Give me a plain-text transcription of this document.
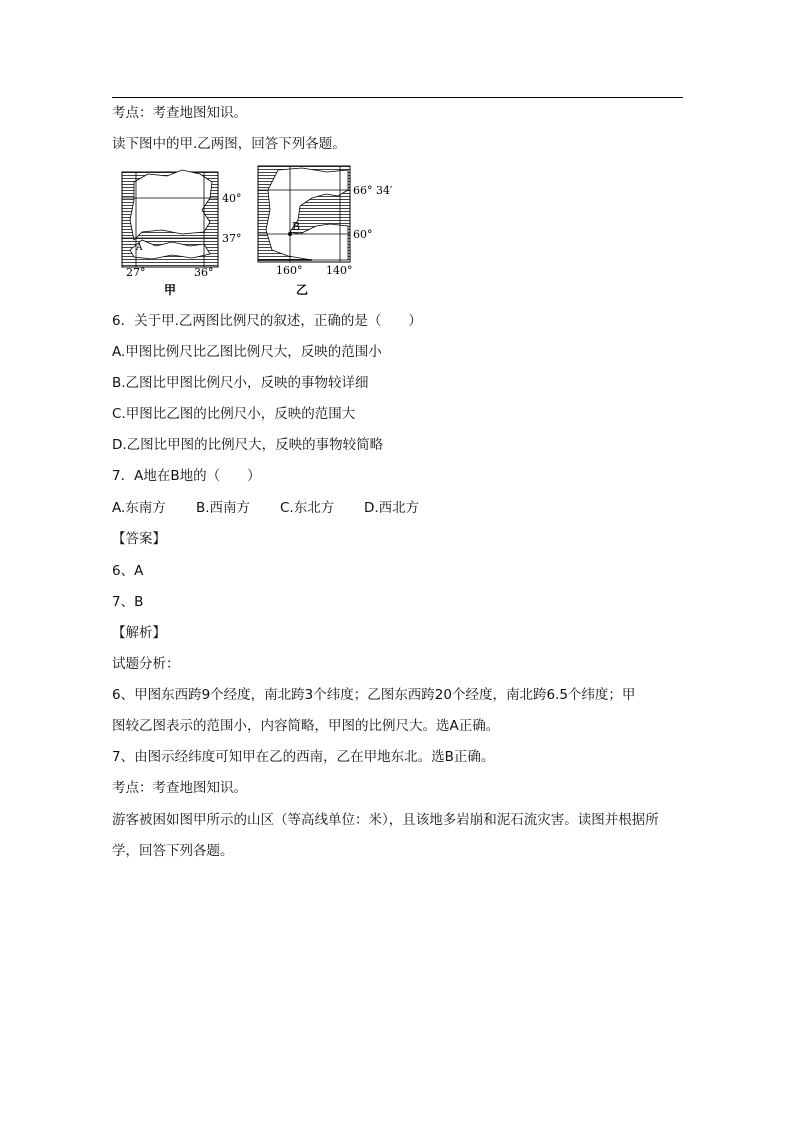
考点：考查地图知识。
读下图中的甲.乙两图，回答下列各题。
A
40°
37°
27°	36°
甲
B
66° 34′
60°
160° 140°
乙
6．关于甲.乙两图比例尺的叙述，正确的是（　　）
A.甲图比例尺比乙图比例尺大，反映的范围小
B.乙图比甲图比例尺小，反映的事物较详细
C.甲图比乙图的比例尺小，反映的范围大
D.乙图比甲图的比例尺大，反映的事物较简略
7．A地在B地的（　　）
A.东南方 B.西南方 C.东北方 D.西北方
【答案】
6、A
7、B
【解析】
试题分析：
6、甲图东西跨9个经度，南北跨3个纬度；乙图东西跨20个经度，南北跨6.5个纬度；甲
图较乙图表示的范围小，内容简略，甲图的比例尺大。选A正确。
7、由图示经纬度可知甲在乙的西南，乙在甲地东北。选B正确。
考点：考查地图知识。
游客被困如图甲所示的山区（等高线单位：米），且该地多岩崩和泥石流灾害。读图并根据所
学，回答下列各题。
